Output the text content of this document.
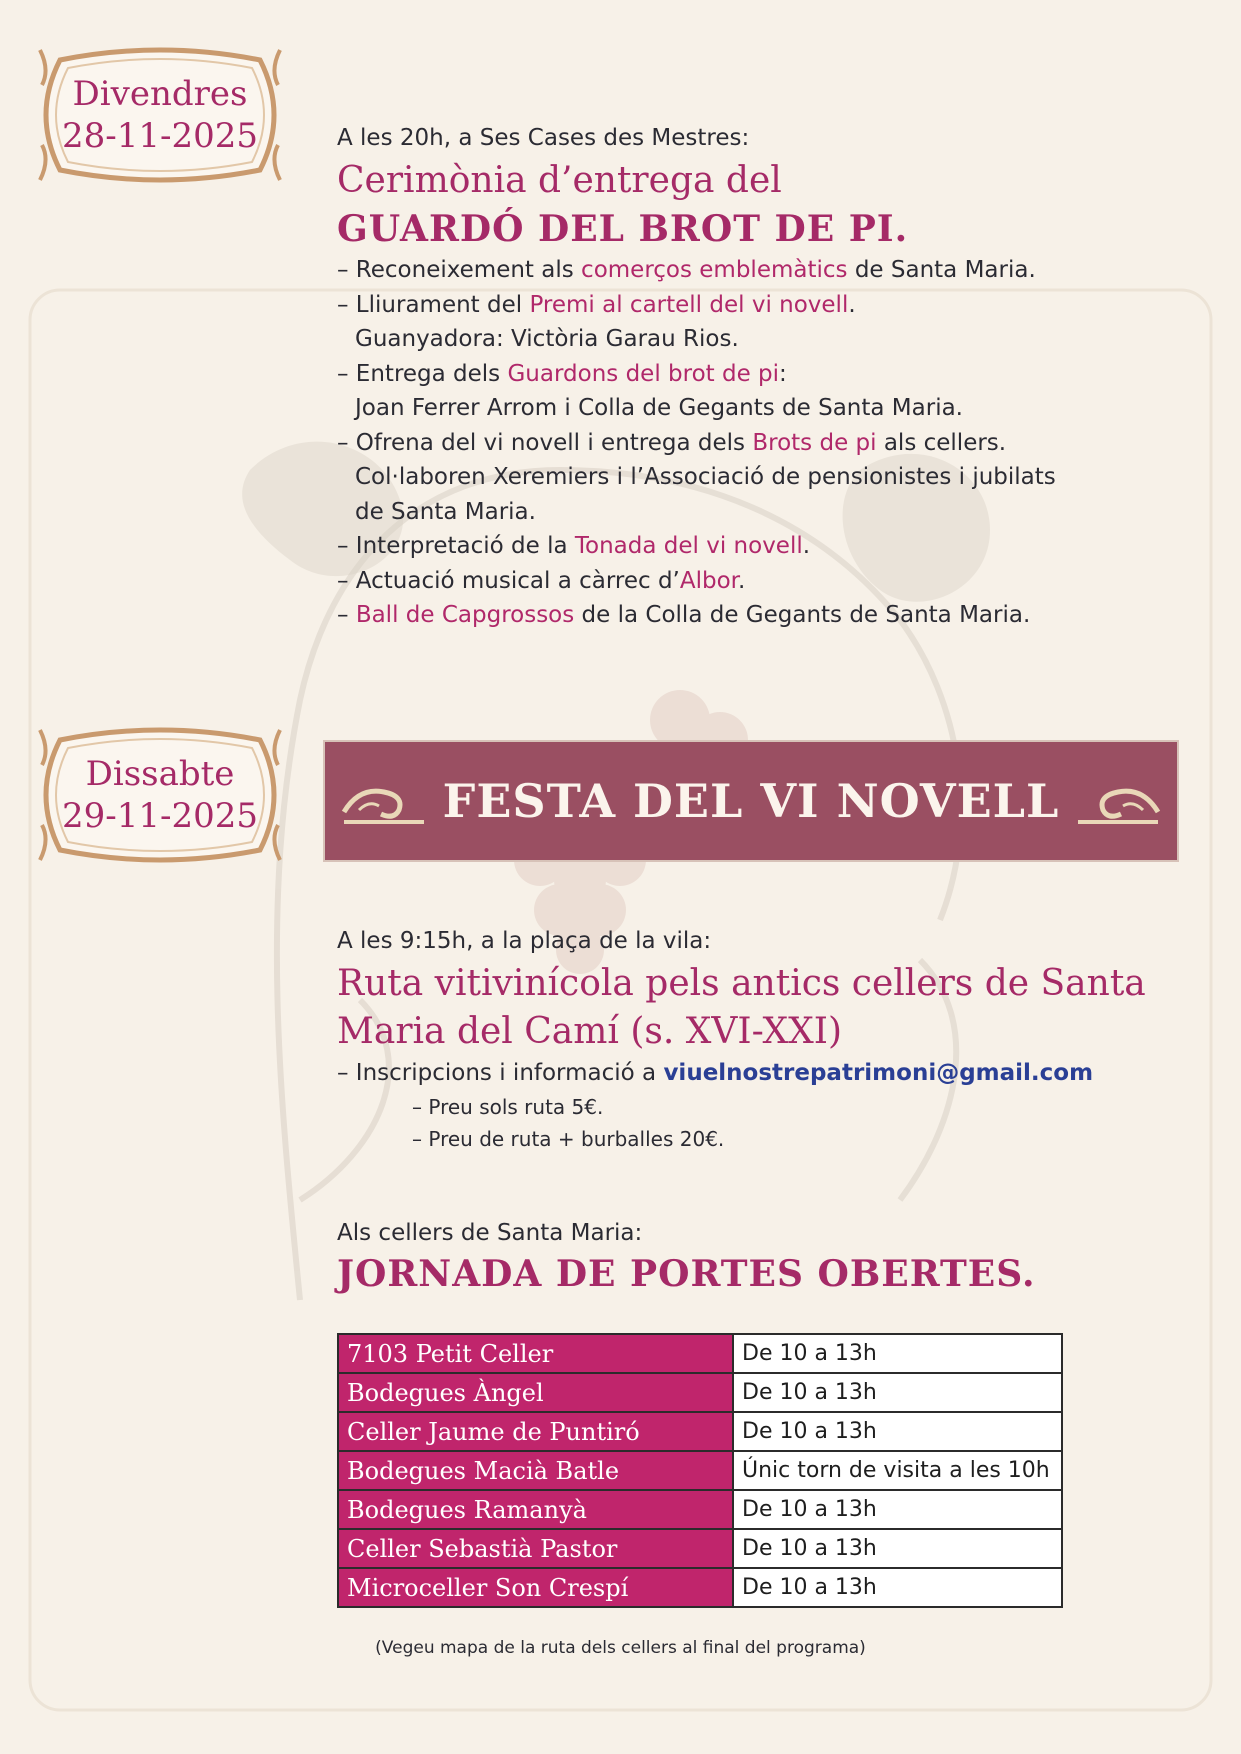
Divendres
28-11-2025	A les 20h, a Ses Cases des Mestres:
Cerimònia d’entrega del
GUARDÓ DEL BROT DE PI.
– Reconeixement als comerços emblemàtics de Santa Maria.
– Lliurament del Premi al cartell del vi novell.
Guanyadora: Victòria Garau Rios.
– Entrega dels Guardons del brot de pi:
Joan Ferrer Arrom i Colla de Gegants de Santa Maria.
– Ofrena del vi novell i entrega dels Brots de pi als cellers.
Col·laboren Xeremiers i l’Associació de pensionistes i jubilats
de Santa Maria.
– Interpretació de la Tonada del vi novell.
– Actuació musical a càrrec d’Albor.
– Ball de Capgrossos de la Colla de Gegants de Santa Maria.
Dissabte
29-11-2025	FESTA DEL VI NOVELL
A les 9:15h, a la plaça de la vila:
Ruta vitivinícola pels antics cellers de Santa
Maria del Camí (s. XVI-XXI)
– Inscripcions i informació a viuelnostrepatrimoni@gmail.com
– Preu sols ruta 5€.
– Preu de ruta + burballes 20€.
Als cellers de Santa Maria:
JORNADA DE PORTES OBERTES.
7103 Petit Celler	De 10 a 13h
Bodegues Àngel	De 10 a 13h
Celler Jaume de Puntiró	De 10 a 13h
Bodegues Macià Batle	Únic torn de visita a les 10h
Bodegues Ramanyà	De 10 a 13h
Celler Sebastià Pastor	De 10 a 13h
Microceller Son Crespí	De 10 a 13h
(Vegeu mapa de la ruta dels cellers al final del programa)
